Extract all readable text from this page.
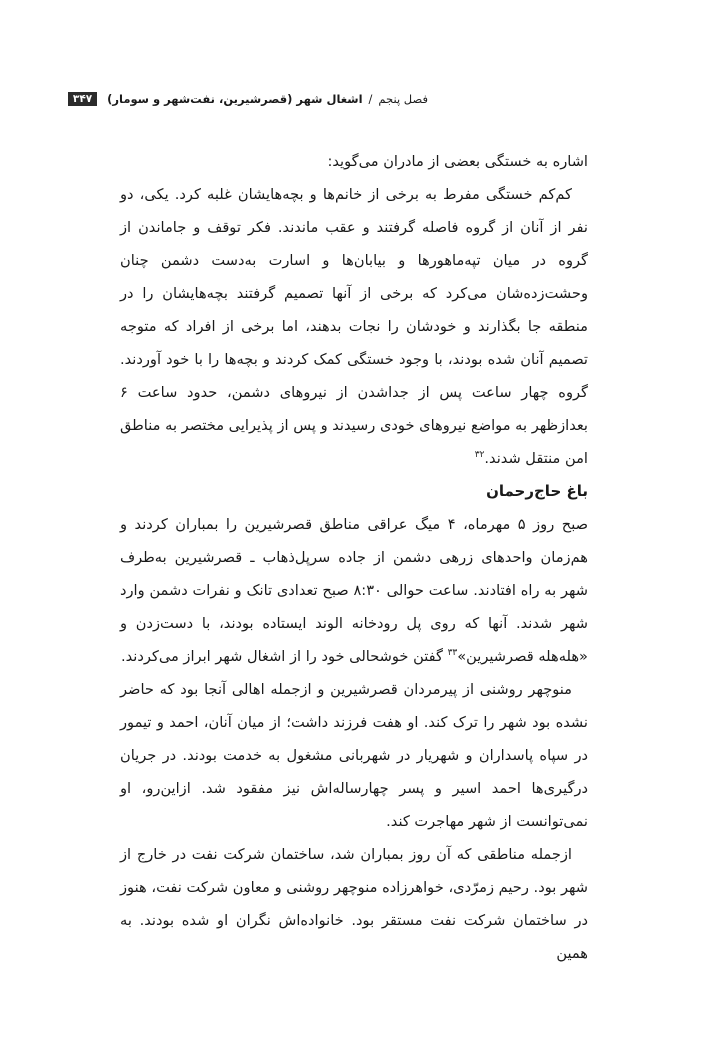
فصل پنجم
/
اشغال شهر (قصرشیرین، نفت‌شهر و سومار)
۳۴۷

اشاره به خستگی بعضی از مادران می‌گوید:

کم‌کم خستگی مفرط به برخی از خانم‌ها و بچه‌هایشان غلبه کرد. یکی، دو نفر از آنان از گروه فاصله گرفتند و عقب ماندند. فکر توقف و جاماندن از گروه در میان تپه‌ماهورها و بیابان‌ها و اسارت به‌دست دشمن چنان وحشت‌زده‌شان می‌کرد که برخی از آنها تصمیم گرفتند بچه‌هایشان را در منطقه جا بگذارند و خودشان را نجات بدهند، اما برخی از افراد که متوجه تصمیم آنان شده بودند، با وجود خستگی کمک کردند و بچه‌ها را با خود آوردند. گروه چهار ساعت پس از جداشدن از نیروهای دشمن، حدود ساعت ۶ بعدازظهر به مواضع نیروهای خودی رسیدند و پس از پذیرایی مختصر به مناطق امن منتقل شدند.$^{۳۲}$

باغ حاج‌رحمان

صبح روز ۵ مهرماه، ۴ میگ عراقی مناطق قصرشیرین را بمباران کردند و هم‌زمان واحدهای زرهی دشمن از جاده سرپل‌ذهاب ـ قصرشیرین به‌طرف شهر به راه افتادند. ساعت حوالی ۸:۳۰ صبح تعدادی تانک و نفرات دشمن وارد شهر شدند. آنها که روی پل رودخانه الوند ایستاده بودند، با دست‌زدن و «هله‌هله قصرشیرین»$^{۳۳}$ گفتن خوشحالی خود را از اشغال شهر ابراز می‌کردند.

منوچهر روشنی از پیرمردان قصرشیرین و ازجمله اهالی آنجا بود که حاضر نشده بود شهر را ترک کند. او هفت فرزند داشت؛ از میان آنان، احمد و تیمور در سپاه پاسداران و شهریار در شهربانی مشغول به خدمت بودند. در جریان درگیری‌ها احمد اسیر و پسر چهارساله‌اش نیز مفقود شد. ازاین‌رو، او نمی‌توانست از شهر مهاجرت کند.

ازجمله مناطقی که آن روز بمباران شد، ساختمان شرکت نفت در خارج از شهر بود. رحیم زمرّدی، خواهرزاده منوچهر روشنی و معاون شرکت نفت، هنوز در ساختمان شرکت نفت مستقر بود. خانواده‌اش نگران او شده بودند. به همین
